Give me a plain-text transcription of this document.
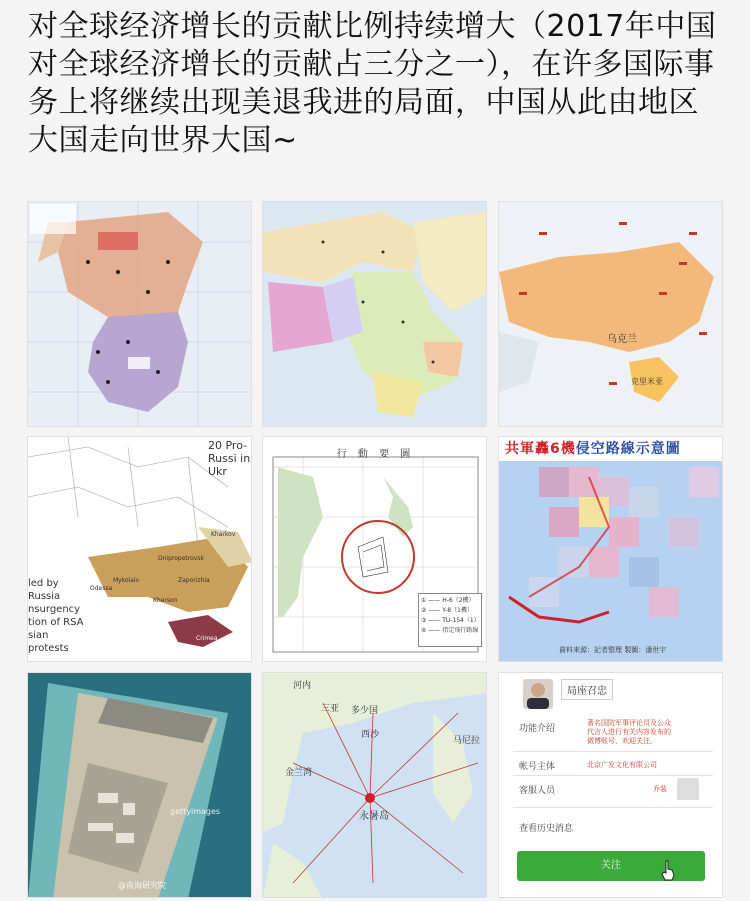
对全球经济增长的贡献比例持续增大（2017年中国对全球经济增长的贡献占三分之一），在许多国际事务上将继续出现美退我进的局面，中国从此由地区大国走向世界大国~
乌克兰
克里米亚
20 Pro-Russi in Ukr
led by Russia nsurgency tion of RSA sian protests
Kharkov
Dnipropetrovsk
Mykolaiv	Zaporizhia
Kherson
Odessa
Crimea
行 動 要 圖
① —— H-6（2機）
② —— Y-8（1機）
③ —— TU-154（1）
④ —— 指定飛行路線
共軍轟6機侵空路線示意圖
資料來源：記者整理 製圖：潘世宇
gettyimages
@南海研究院
永暑岛
河内
三亚 多少国
西沙
金兰湾
马尼拉
局座召忠
功能介绍
著名国防军事评论员及公众代言人进行有关内容发布的微博账号，欢迎关注。
帐号主体	北京广发文化有限公司
客服人员	乔装
查看历史消息
关注
